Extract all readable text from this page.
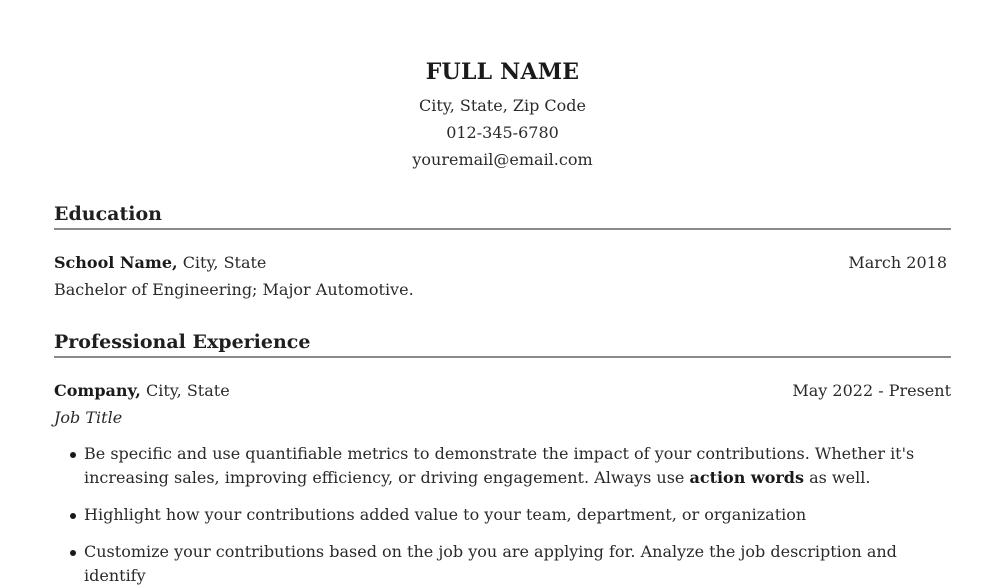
FULL NAME
City, State, Zip Code
012-345-6780
youremail@email.com
Education
School Name, City, State	March 2018
Bachelor of Engineering; Major Automotive.
Professional Experience
Company, City, State	May 2022 - Present
Job Title
Be specific and use quantifiable metrics to demonstrate the impact of your contributions. Whether it's
increasing sales, improving efficiency, or driving engagement. Always use action words as well.
Highlight how your contributions added value to your team, department, or organization
Customize your contributions based on the job you are applying for. Analyze the job description and identify
